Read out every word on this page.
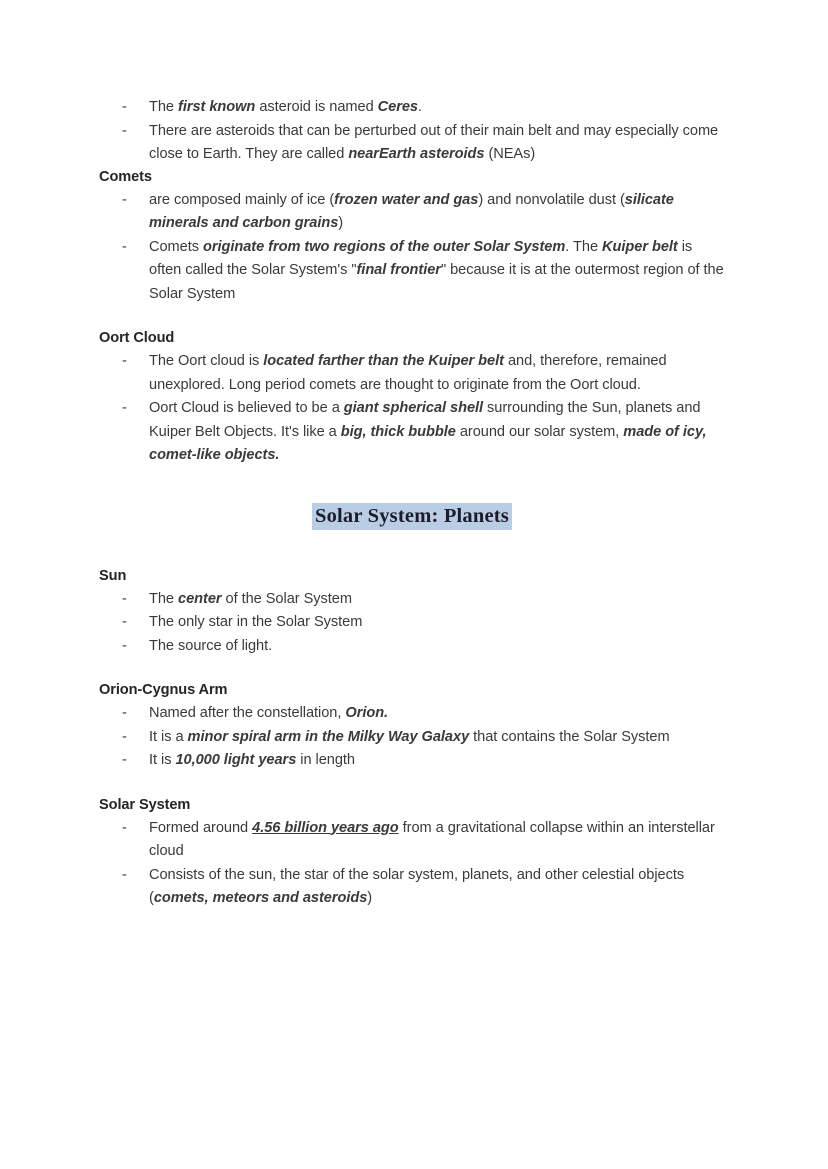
- The first known asteroid is named Ceres.
- There are asteroids that can be perturbed out of their main belt and may especially come close to Earth. They are called nearEarth asteroids (NEAs)
Comets
- are composed mainly of ice (frozen water and gas) and nonvolatile dust (silicate minerals and carbon grains)
- Comets originate from two regions of the outer Solar System. The Kuiper belt is often called the Solar System's "final frontier" because it is at the outermost region of the Solar System
Oort Cloud
- The Oort cloud is located farther than the Kuiper belt and, therefore, remained unexplored. Long period comets are thought to originate from the Oort cloud.
- Oort Cloud is believed to be a giant spherical shell surrounding the Sun, planets and Kuiper Belt Objects. It's like a big, thick bubble around our solar system, made of icy, comet-like objects.
Solar System: Planets
Sun
- The center of the Solar System
- The only star in the Solar System
- The source of light.
Orion-Cygnus Arm
- Named after the constellation, Orion.
- It is a minor spiral arm in the Milky Way Galaxy that contains the Solar System
- It is 10,000 light years in length
Solar System
- Formed around 4.56 billion years ago from a gravitational collapse within an interstellar cloud
- Consists of the sun, the star of the solar system, planets, and other celestial objects (comets, meteors and asteroids)
